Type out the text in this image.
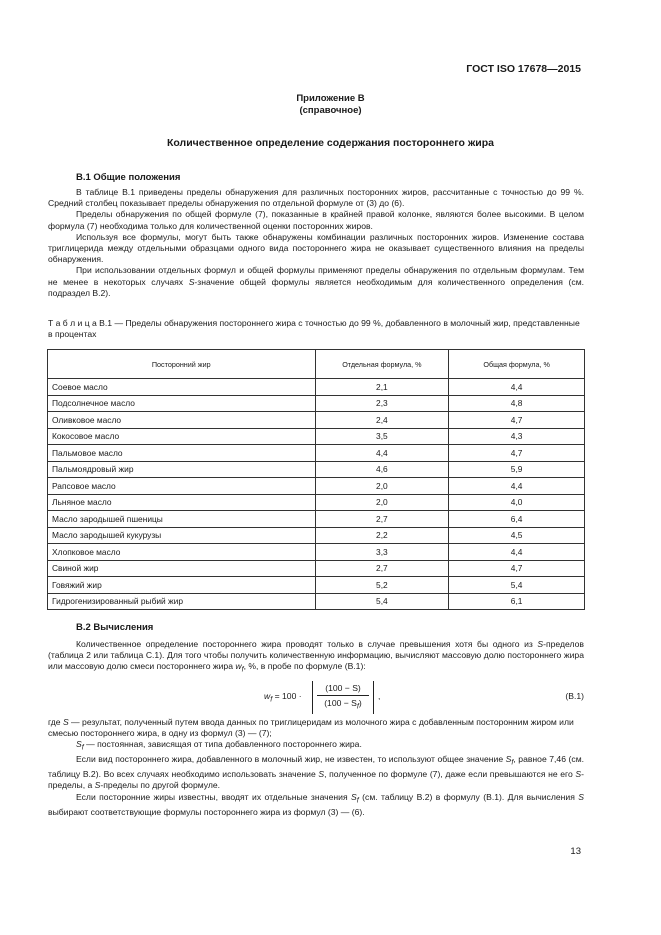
ГОСТ ISO 17678—2015
Приложение В
(справочное)
Количественное определение содержания постороннего жира
В.1 Общие положения

В таблице В.1 приведены пределы обнаружения для различных посторонних жиров, рассчитанные с точностью до 99 %. Средний столбец показывает пределы обнаружения по отдельной формуле от (3) до (6).

Пределы обнаружения по общей формуле (7), показанные в крайней правой колонке, являются более высокими. В целом формула (7) необходима только для количественной оценки посторонних жиров.

Используя все формулы, могут быть также обнаружены комбинации различных посторонних жиров. Изменение состава триглицерида между отдельными образцами одного вида постороннего жира не оказывает существенного влияния на пределы обнаружения.

При использовании отдельных формул и общей формулы применяют пределы обнаружения по отдельным формулам. Тем не менее в некоторых случаях S-значение общей формулы является необходимым для количественного определения (см. подраздел В.2).

Т а б л и ц а В.1 — Пределы обнаружения постороннего жира с точностью до 99 %, добавленного в молочный жир, представленные в процентах
Посторонний жир	Отдельная формула, %	Общая формула, %
Соевое масло	2,1	4,4
Подсолнечное масло	2,3	4,8
Оливковое масло	2,4	4,7
Кокосовое масло	3,5	4,3
Пальмовое масло	4,4	4,7
Пальмоядровый жир	4,6	5,9
Рапсовое масло	2,0	4,4
Льняное масло	2,0	4,0
Масло зародышей пшеницы	2,7	6,4
Масло зародышей кукурузы	2,2	4,5
Хлопковое масло	3,3	4,4
Свиной жир	2,7	4,7
Говяжий жир	5,2	5,4
Гидрогенизированный рыбий жир	5,4	6,1
В.2 Вычисления

Количественное определение постороннего жира проводят только в случае превышения хотя бы одного из S-пределов (таблица 2 или таблица С.1). Для того чтобы получить количественную информацию, вычисляют массовую долю постороннего жира или массовую долю смеси постороннего жира $w_f$, %, в пробе по формуле (В.1):

$w_f = 100 \cdot \frac{(100 - S)}{(100 - S_f)}$ ,	(В.1)
где S — результат, полученный путем ввода данных по триглицеридам из молочного жира с добавленным посторонним жиром или смесью постороннего жира, в одну из формул (3) — (7);
$S_f$ — постоянная, зависящая от типа добавленного постороннего жира.

Если вид постороннего жира, добавленного в молочный жир, не известен, то используют общее значение $S_f$, равное 7,46 (см. таблицу В.2). Во всех случаях необходимо использовать значение S, полученное по формуле (7), даже если превышаются не его S-пределы, а S-пределы по другой формуле.

Если посторонние жиры известны, вводят их отдельные значения $S_f$ (см. таблицу В.2) в формулу (В.1). Для вычисления S выбирают соответствующие формулы постороннего жира из формул (3) — (6).

13
